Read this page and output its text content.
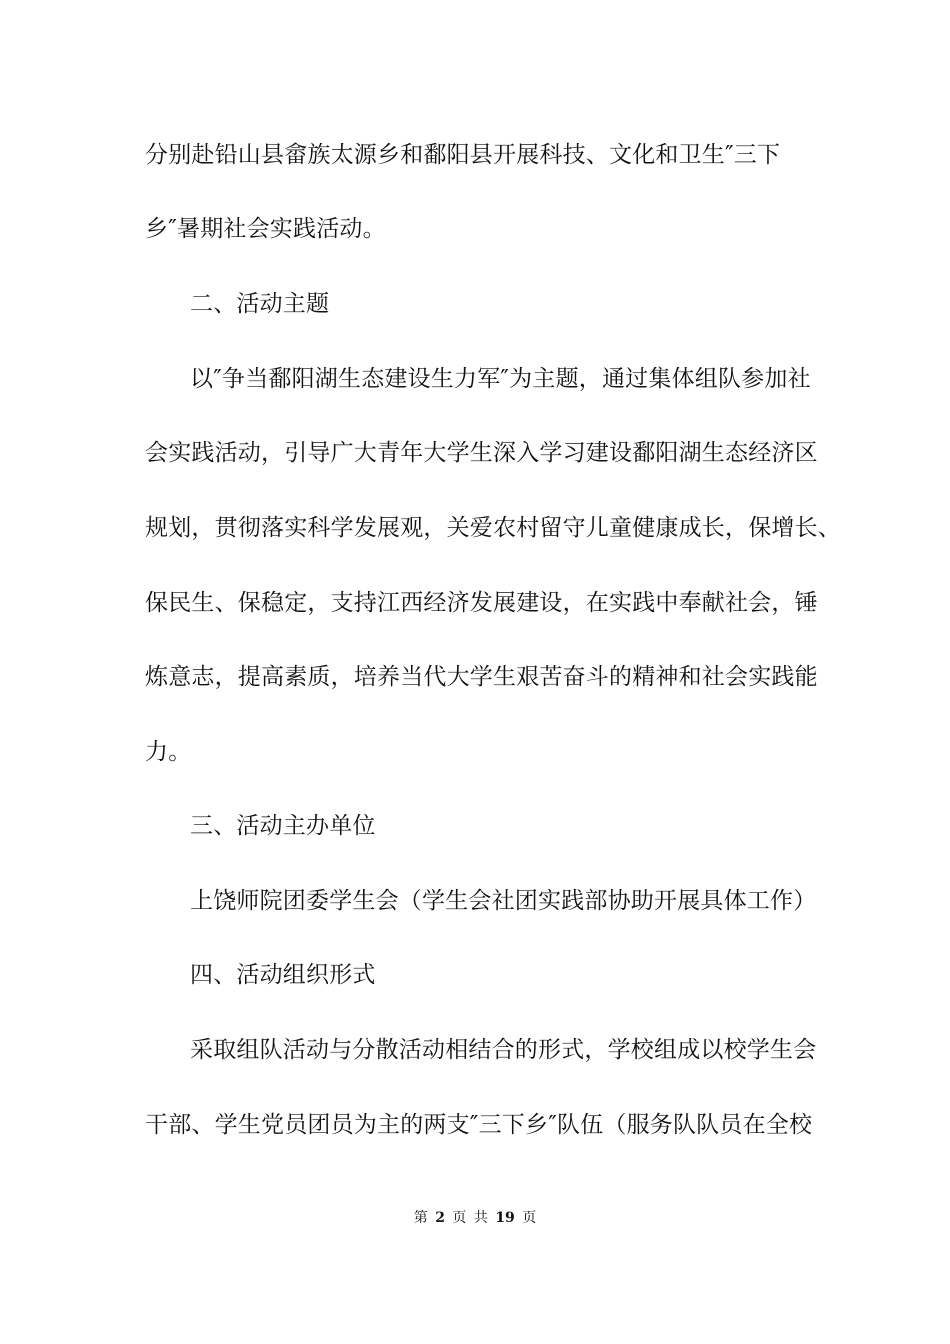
分别赴铅山县畲族太源乡和鄱阳县开展科技、文化和卫生″三下
乡″暑期社会实践活动。
二、活动主题
以″争当鄱阳湖生态建设生力军″为主题，通过集体组队参加社
会实践活动，引导广大青年大学生深入学习建设鄱阳湖生态经济区
规划，贯彻落实科学发展观，关爱农村留守儿童健康成长，保增长、
保民生、保稳定，支持江西经济发展建设，在实践中奉献社会，锤
炼意志，提高素质，培养当代大学生艰苦奋斗的精神和社会实践能
力。
三、活动主办单位
上饶师院团委学生会（学生会社团实践部协助开展具体工作）
四、活动组织形式
采取组队活动与分散活动相结合的形式，学校组成以校学生会
干部、学生党员团员为主的两支″三下乡″队伍（服务队队员在全校
第 2 页 共 19 页
